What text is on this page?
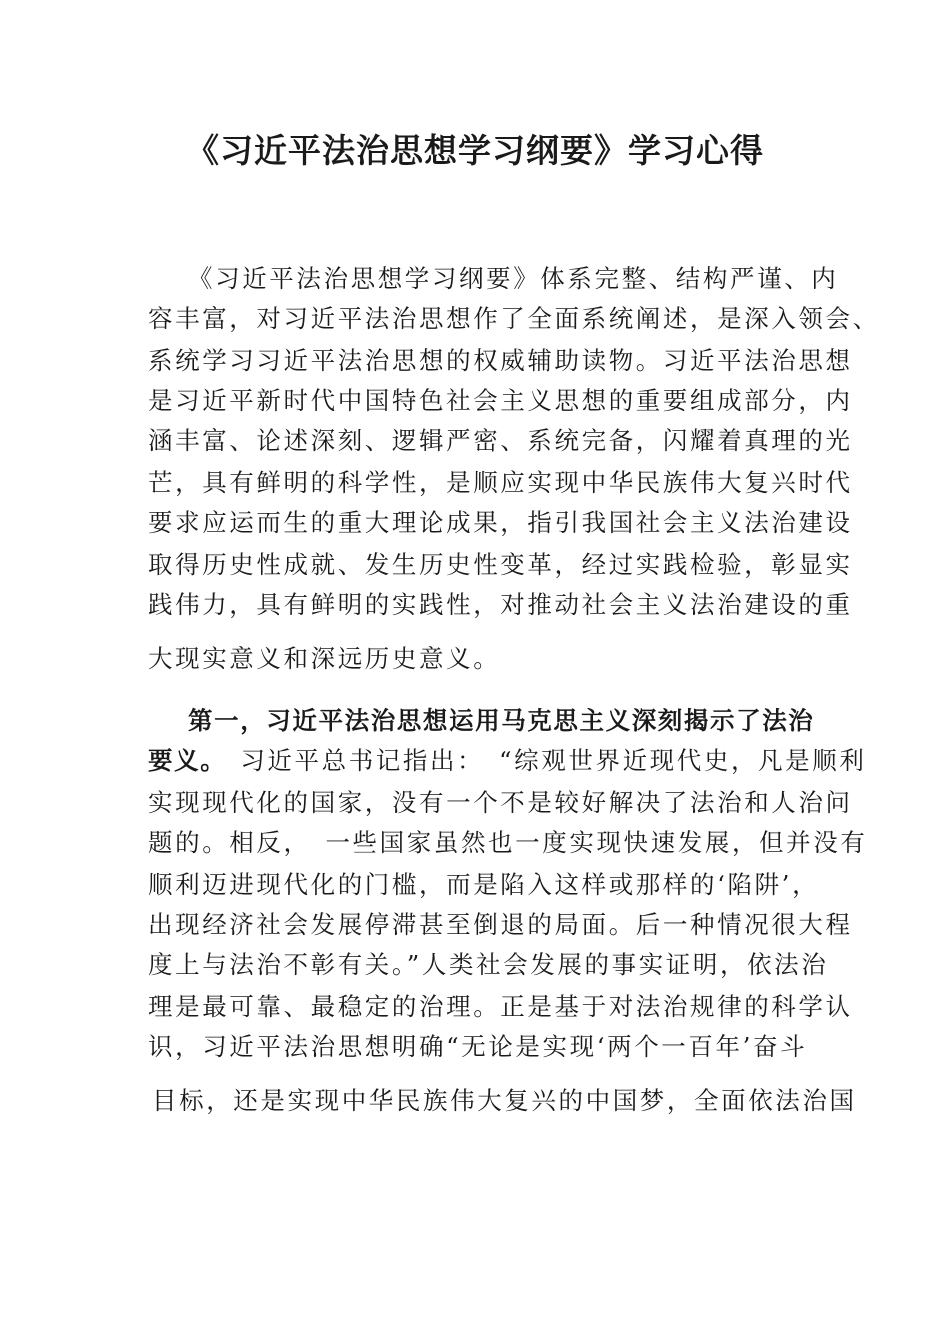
《习近平法治思想学习纲要》学习心得

《习近平法治思想学习纲要》体系完整、结构严谨、内

容丰富，对习近平法治思想作了全面系统阐述，是深入领会、

系统学习习近平法治思想的权威辅助读物。习近平法治思想

是习近平新时代中国特色社会主义思想的重要组成部分，内

涵丰富、论述深刻、逻辑严密、系统完备，闪耀着真理的光

芒，具有鲜明的科学性，是顺应实现中华民族伟大复兴时代

要求应运而生的重大理论成果，指引我国社会主义法治建设

取得历史性成就、发生历史性变革，经过实践检验，彰显实

践伟力，具有鲜明的实践性，对推动社会主义法治建设的重

大现实意义和深远历史意义。

第一，习近平法治思想运用马克思主义深刻揭示了法治

要义。 习近平总书记指出：　“综观世界近现代史，凡是顺利

实现现代化的国家，没有一个不是较好解决了法治和人治问

题的。相反，　一些国家虽然也一度实现快速发展，但并没有

顺利迈进现代化的门槛，而是陷入这样或那样的‘陷阱’，

出现经济社会发展停滞甚至倒退的局面。后一种情况很大程

度上与法治不彰有关。”人类社会发展的事实证明，依法治

理是最可靠、最稳定的治理。正是基于对法治规律的科学认

识，习近平法治思想明确“无论是实现‘两个一百年’奋斗

目标，还是实现中华民族伟大复兴的中国梦，全面依法治国
